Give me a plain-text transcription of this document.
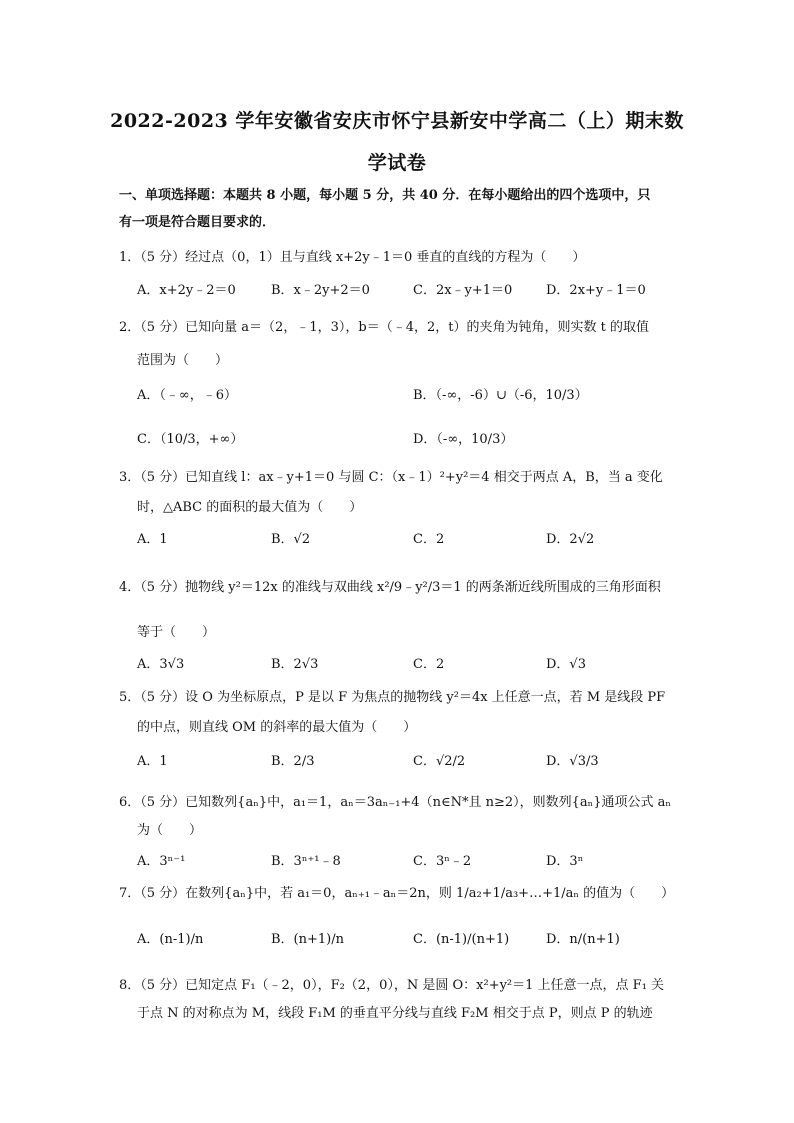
2022-2023 学年安徽省安庆市怀宁县新安中学高二（上）期末数
学试卷
一、单项选择题：本题共 8 小题，每小题 5 分，共 40 分．在每小题给出的四个选项中，只
有一项是符合题目要求的．
1．（5 分）经过点（0，1）且与直线 x+2y﹣1＝0 垂直的直线的方程为（　　）
A．x+2y﹣2＝0	B．x﹣2y+2＝0	C．2x﹣y+1＝0	D．2x+y﹣1＝0
2．（5 分）已知向量 a＝（2，﹣1，3），b＝（﹣4，2，t）的夹角为钝角，则实数 t 的取值
范围为（　　）
A．（﹣∞，﹣6）	B．（-∞，-6）∪（-6，10/3）
C．（10/3，+∞）	D．（-∞，10/3）
3．（5 分）已知直线 l：ax﹣y+1＝0 与圆 C：（x﹣1）²+y²＝4 相交于两点 A，B，当 a 变化
时，△ABC 的面积的最大值为（　　）
A．1	B．√2	C．2	D．2√2
4．（5 分）抛物线 y²＝12x 的准线与双曲线 x²/9﹣y²/3＝1 的两条渐近线所围成的三角形面积
等于（　　）
A．3√3	B．2√3	C．2	D．√3
5．（5 分）设 O 为坐标原点，P 是以 F 为焦点的抛物线 y²＝4x 上任意一点，若 M 是线段 PF
的中点，则直线 OM 的斜率的最大值为（　　）
A．1	B．2/3	C．√2/2	D．√3/3
6．（5 分）已知数列{aₙ}中，a₁＝1，aₙ＝3aₙ₋₁+4（n∈N*且 n≥2），则数列{aₙ}通项公式 aₙ
为（　　）
A．3ⁿ⁻¹	B．3ⁿ⁺¹﹣8	C．3ⁿ﹣2	D．3ⁿ
7．（5 分）在数列{aₙ}中，若 a₁＝0，aₙ₊₁﹣aₙ＝2n，则 1/a₂+1/a₃+…+1/aₙ 的值为（　　）
A．(n-1)/n	B．(n+1)/n	C．(n-1)/(n+1)	D．n/(n+1)
8．（5 分）已知定点 F₁（﹣2，0），F₂（2，0），N 是圆 O：x²+y²＝1 上任意一点，点 F₁ 关
于点 N 的对称点为 M，线段 F₁M 的垂直平分线与直线 F₂M 相交于点 P，则点 P 的轨迹
